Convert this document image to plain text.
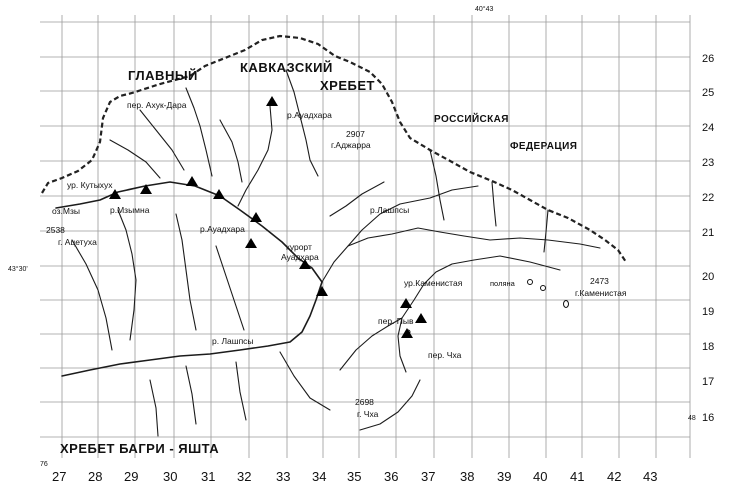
ГЛАВНЫЙ
КАВКАЗСКИЙ
ХРЕБЕТ
РОССИЙСКАЯ
ФЕДЕРАЦИЯ
ХРЕБЕТ БАГРИ - ЯШТА
пер. Ахук-Дара
р.Ауадхара
2907
г.Аджарра
ур. Кутыхух
оз.Мзы	р.Мзымна
2538
г. Ацетуха
р.Ауадхара
р.Лашпсы
курорт
Ауадхара
ур.Каменистая	поляна	2473
г.Каменистая
пер. Пыв
р. Лашпсы
пер. Чха
2698
г. Чха
40°43
43°30'
76
48
27 28 29 30 31 32 33 34 35 36 37 38 39 40 41 42 43
26
25
24
23
22
21
20
19
18
17
16
